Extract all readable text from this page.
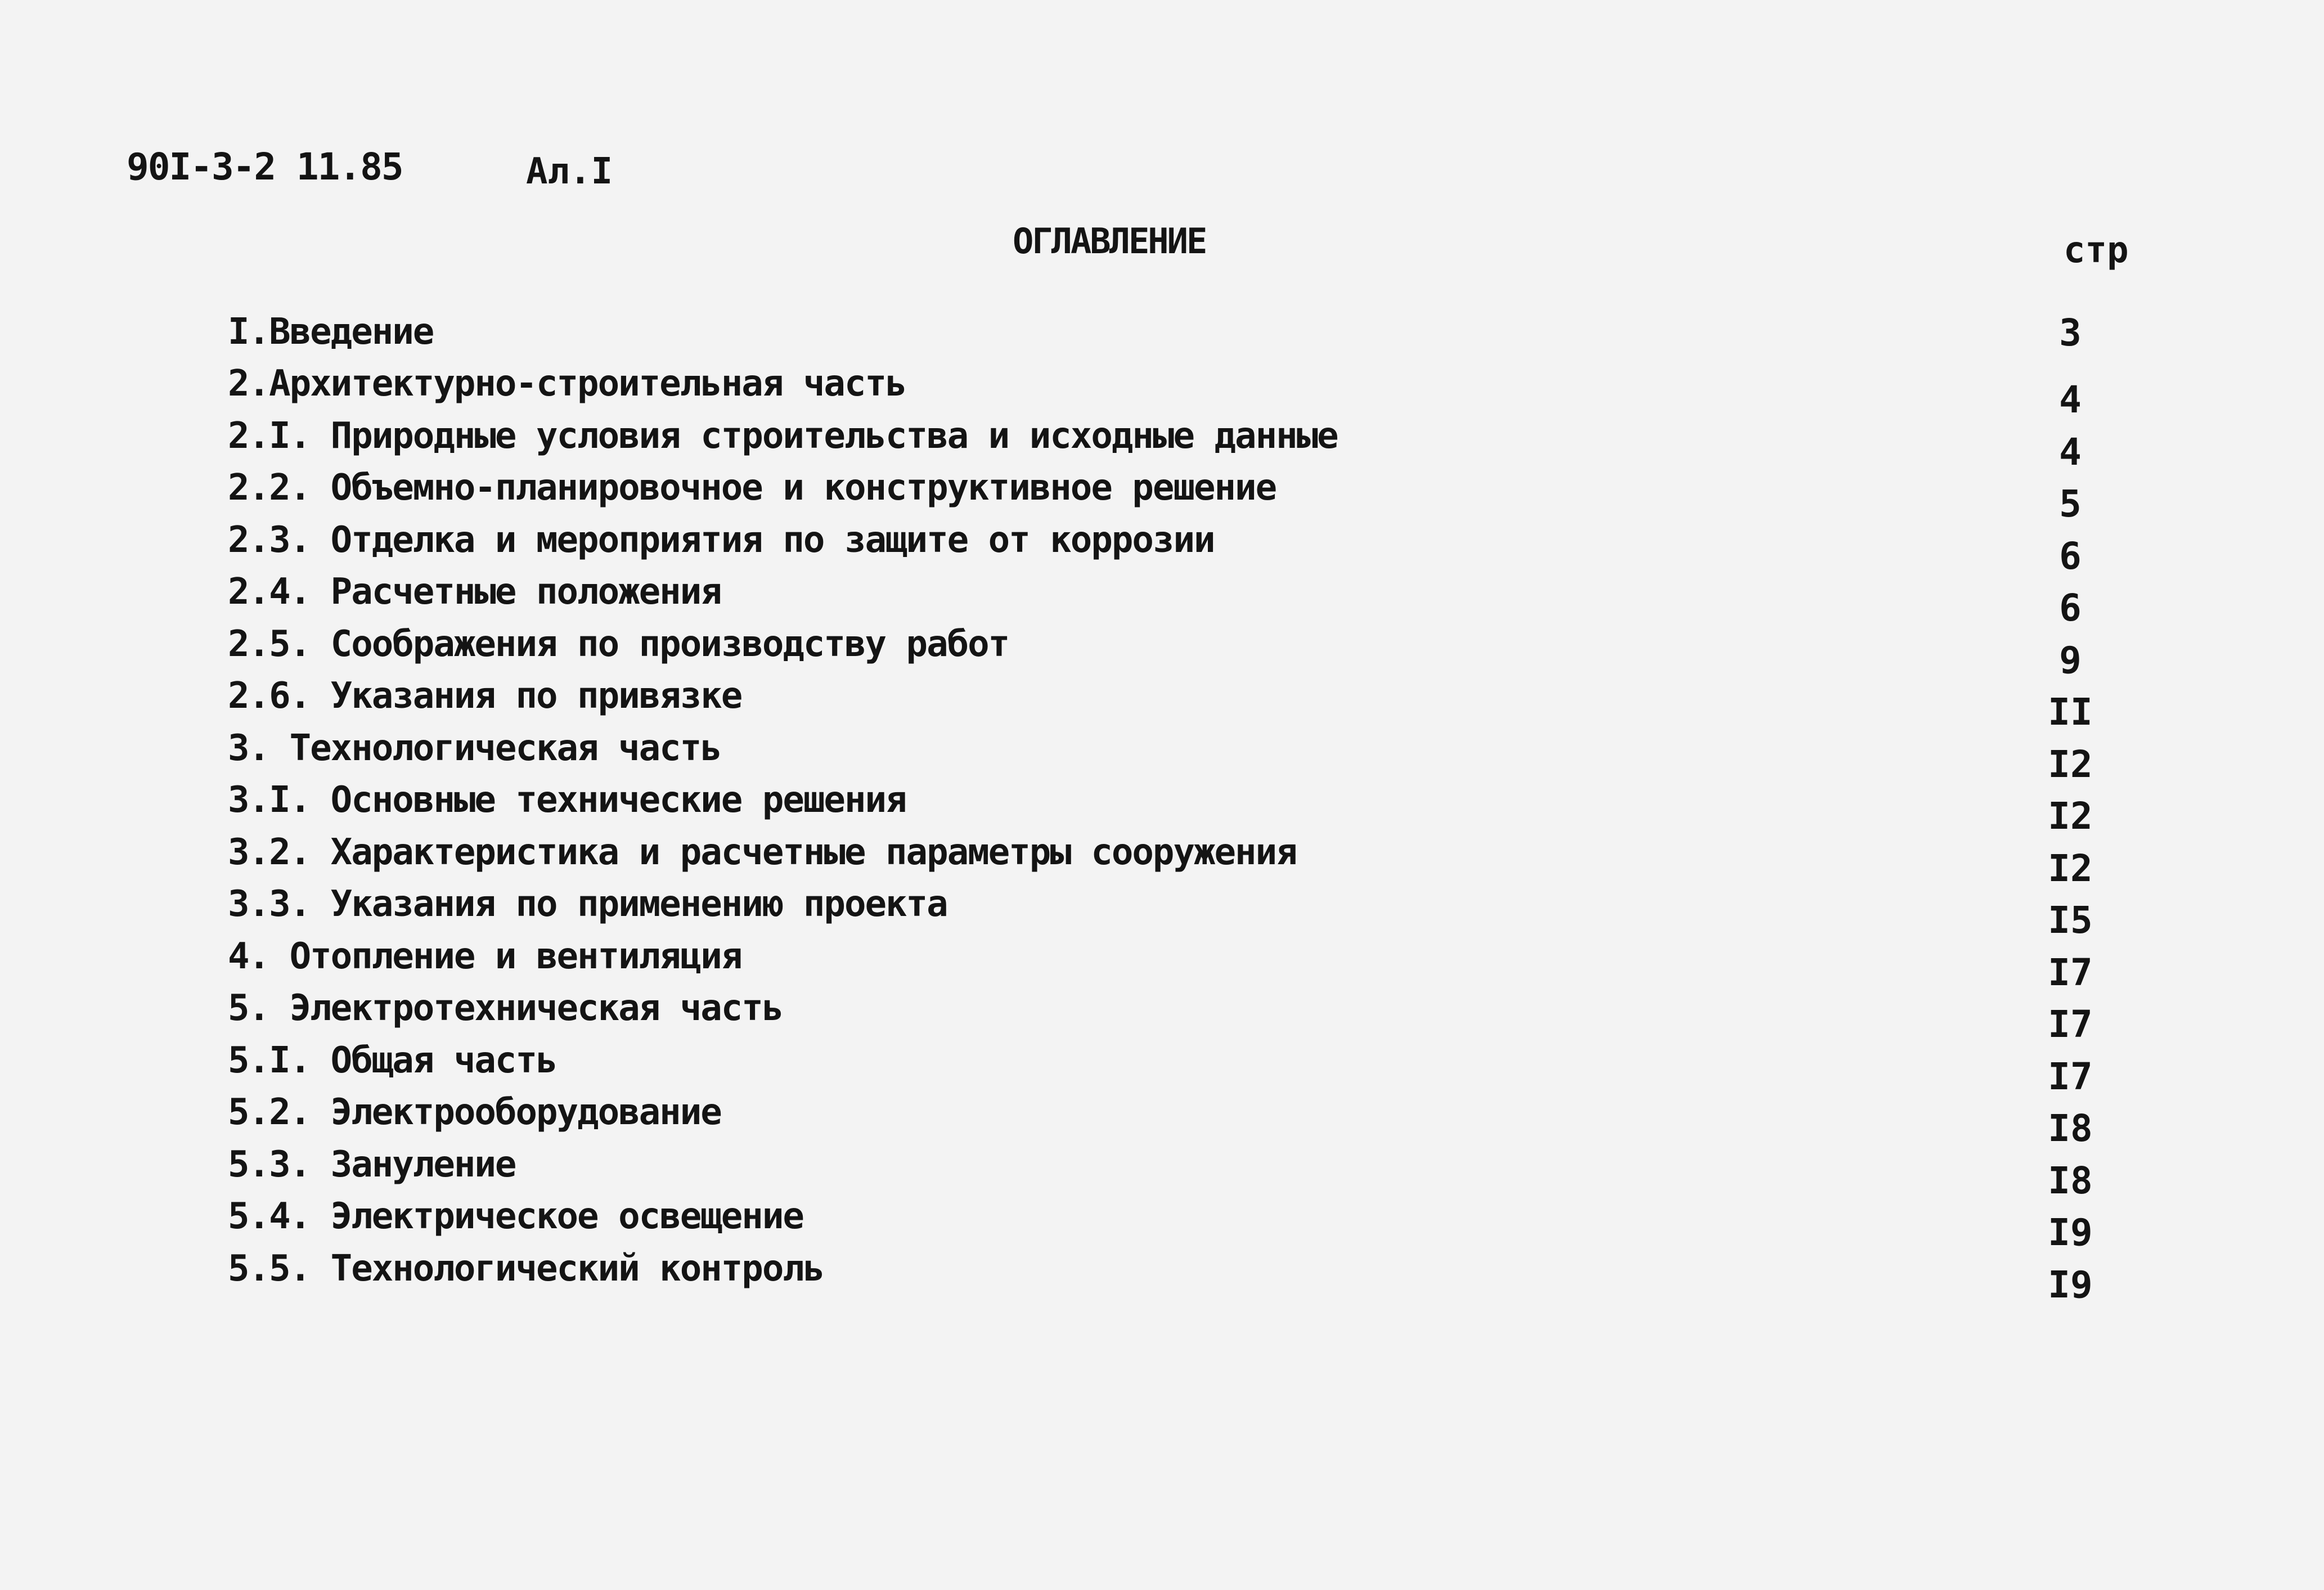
90I-3-2 11.85	Ал.I
ОГЛАВЛЕНИЕ	стр
I.Введение	3
2.Архитектурно-строительная часть	4
2.I. Природные условия строительства и исходные данные	4
2.2. Объемно-планировочное и конструктивное решение	5
2.3. Отделка и мероприятия по защите от коррозии	6
2.4. Расчетные положения	6
2.5. Соображения по производству работ	9
2.6. Указания по привязке	II
3. Технологическая часть	I2
3.I. Основные технические решения	I2
3.2. Характеристика и расчетные параметры сооружения	I2
3.3. Указания по применению проекта	I5
4. Отопление и вентиляция	I7
5. Электротехническая часть	I7
5.I. Общая часть	I7
5.2. Электрооборудование	I8
5.3. Зануление	I8
5.4. Электрическое освещение	I9
5.5. Технологический контроль	I9
